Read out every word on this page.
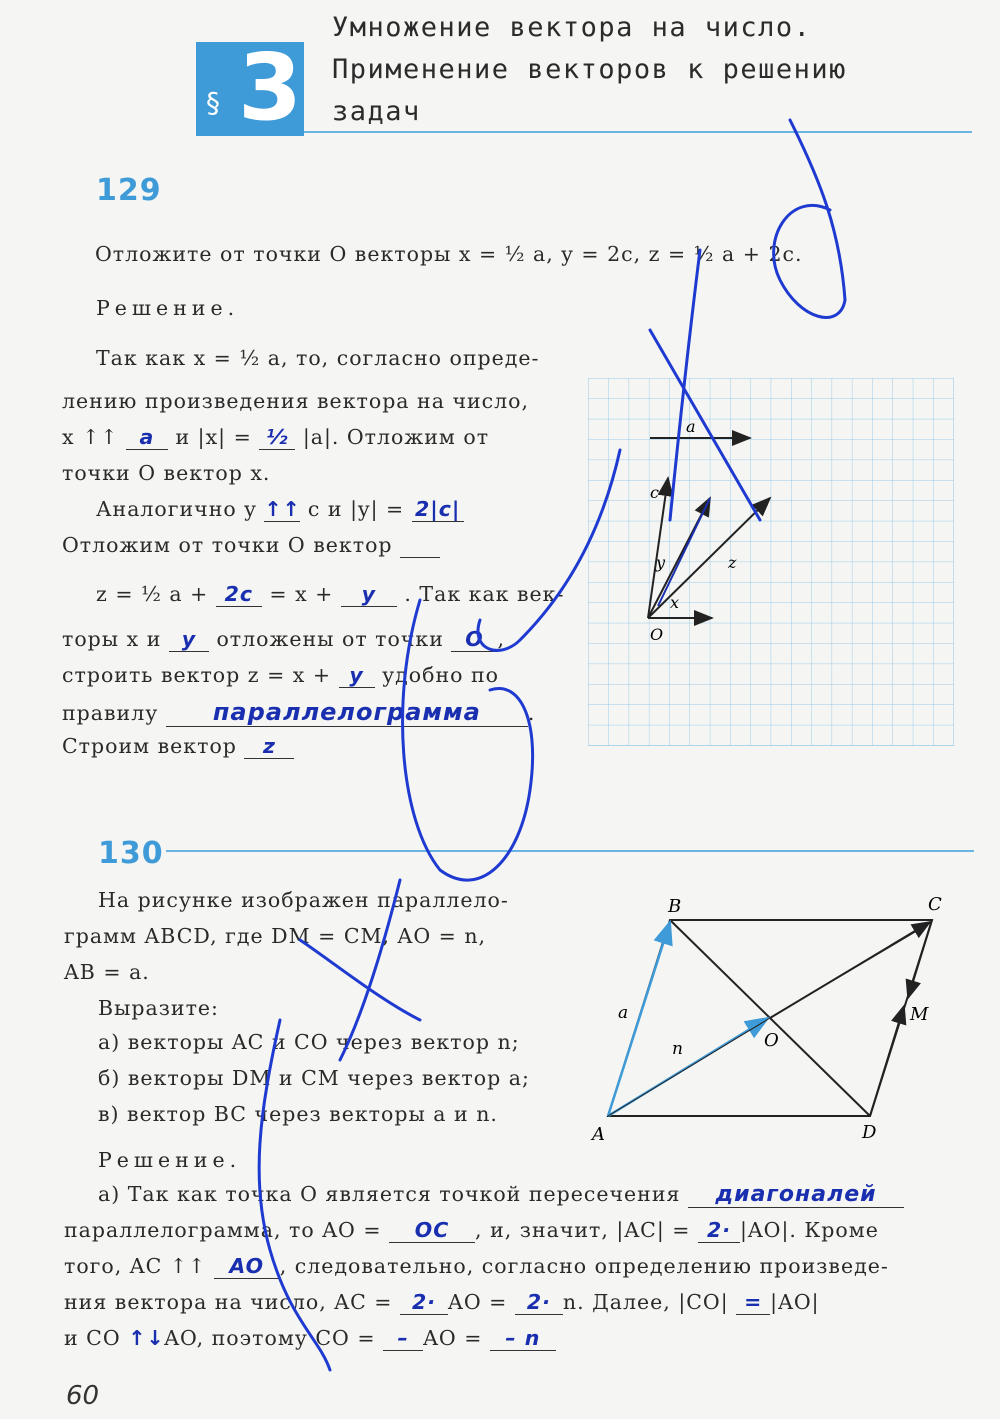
§ 3
Умножение вектора на число.
Применение векторов к решению
задач
129
Отложите от точки O векторы x = ½ a, y = 2c, z = ½ a + 2c.
Решение.
Так как x = ½ a, то, согласно опреде-
лению произведения вектора на число,
x ↑↑ a и |x| = ½ |a|. Отложим от
точки O вектор x.
Аналогично y ↑↑ c и |y| = 2|c|
Отложим от точки O вектор
z = ½ a + 2c = x + y . Так как век-
торы x и y отложены от точки O ,
строить вектор z = x + y удобно по
правилу параллелограмма .
Строим вектор z
a
c
y	z
x
O
130
На рисунке изображен параллело-
грамм ABCD, где DM = CM, AO = n,
AB = a.
Выразите:
а) векторы AC и CO через вектор n;
б) векторы DM и CM через вектор a;
в) вектор BC через векторы a и n.
A
B	C
D
M
O
a
n
Решение.
а) Так как точка O является точкой пересечения диагоналей
параллелограмма, то AO = OC , и, значит, |AC| = 2· |AO|. Кроме
того, AC ↑↑ AO , следовательно, согласно определению произведе-
ния вектора на число, AC = 2· AO = 2· n. Далее, |CO| = |AO|
и CO ↑↓AO, поэтому CO = – AO = – n
60
